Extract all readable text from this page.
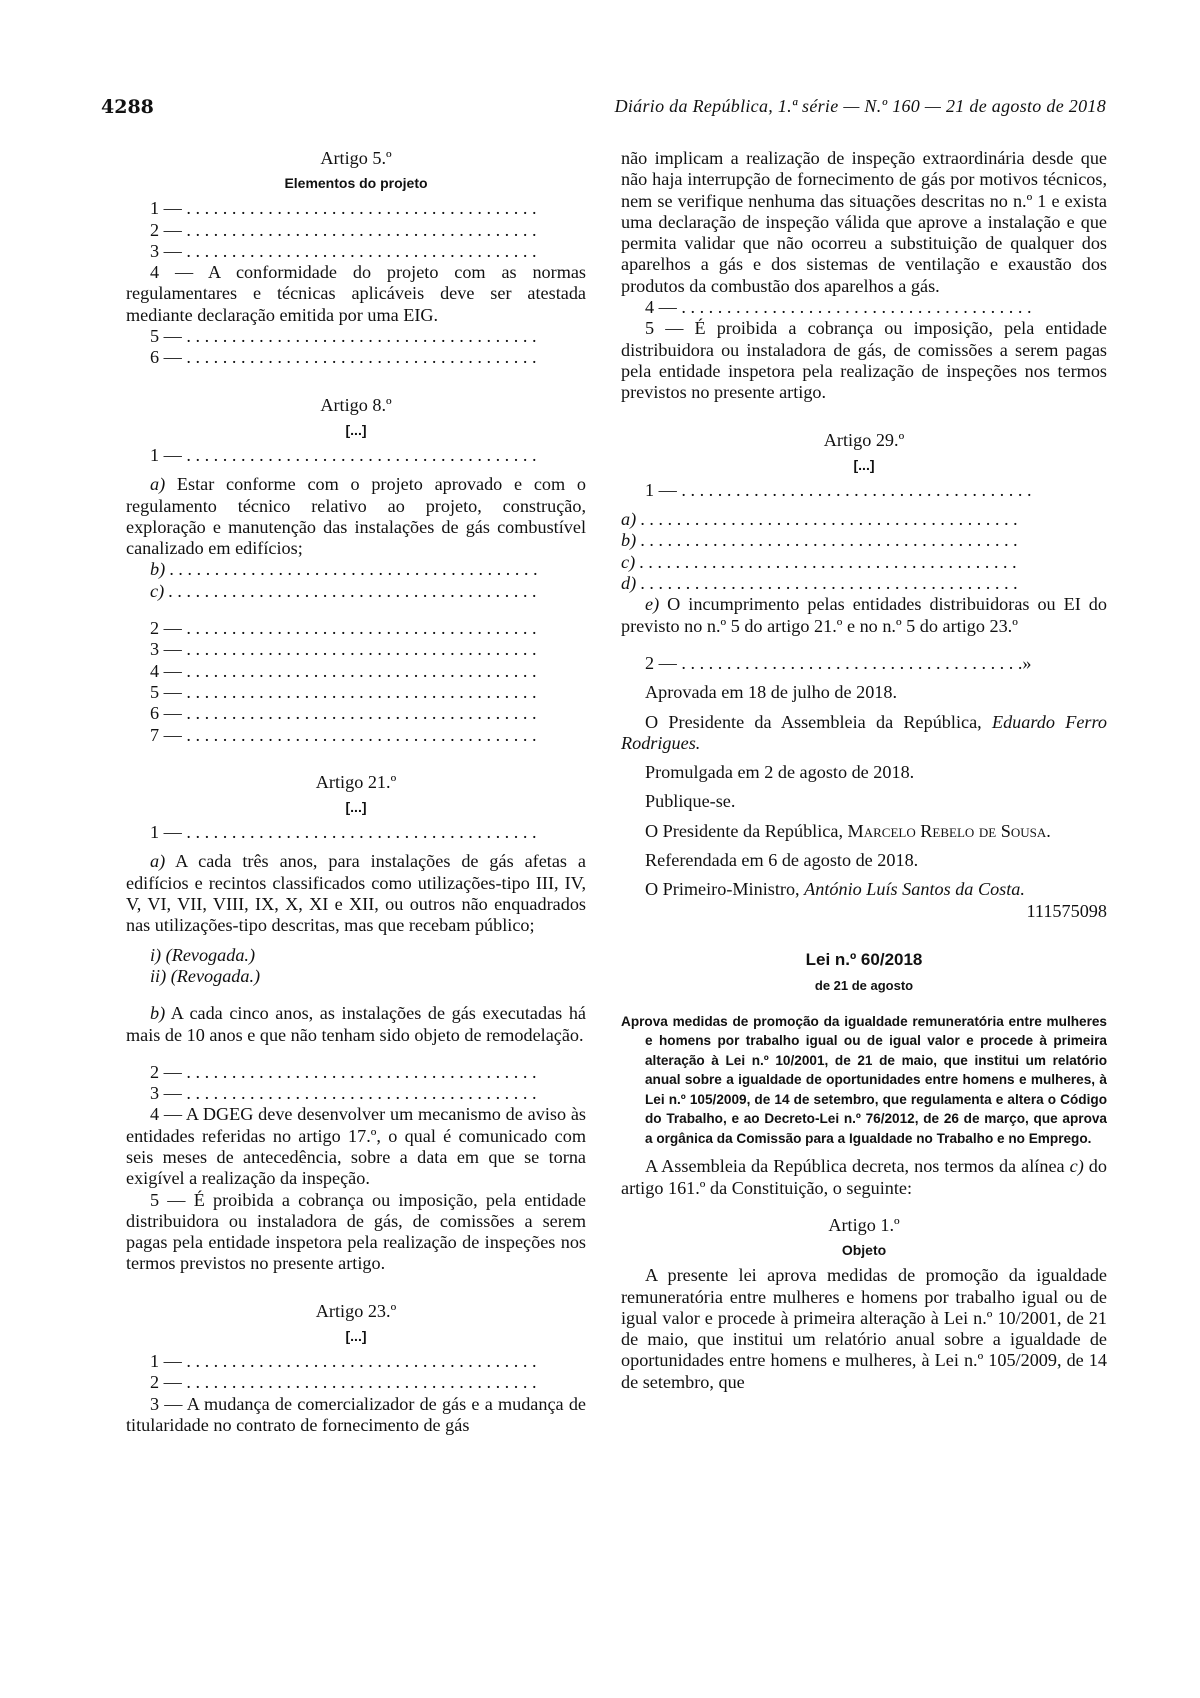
4288	Diário da República, 1.ª série — N.º 160 — 21 de agosto de 2018

Artigo 5.º

Elementos do projeto

1 — . . . . . . . . . . . . . . . . . . . . . . . . . . . . . . . . . . . . . . .

2 — . . . . . . . . . . . . . . . . . . . . . . . . . . . . . . . . . . . . . . .

3 — . . . . . . . . . . . . . . . . . . . . . . . . . . . . . . . . . . . . . . .

4 — A conformidade do projeto com as normas regulamentares e técnicas aplicáveis deve ser atestada mediante declaração emitida por uma EIG.

5 — . . . . . . . . . . . . . . . . . . . . . . . . . . . . . . . . . . . . . . .

6 — . . . . . . . . . . . . . . . . . . . . . . . . . . . . . . . . . . . . . . .

Artigo 8.º

[...]

1 — . . . . . . . . . . . . . . . . . . . . . . . . . . . . . . . . . . . . . . .

a) Estar conforme com o projeto aprovado e com o regulamento técnico relativo ao projeto, construção, exploração e manutenção das instalações de gás combustível canalizado em edifícios;

b) . . . . . . . . . . . . . . . . . . . . . . . . . . . . . . . . . . . . . . . . .

c) . . . . . . . . . . . . . . . . . . . . . . . . . . . . . . . . . . . . . . . . .

2 — . . . . . . . . . . . . . . . . . . . . . . . . . . . . . . . . . . . . . . .

3 — . . . . . . . . . . . . . . . . . . . . . . . . . . . . . . . . . . . . . . .

4 — . . . . . . . . . . . . . . . . . . . . . . . . . . . . . . . . . . . . . . .

5 — . . . . . . . . . . . . . . . . . . . . . . . . . . . . . . . . . . . . . . .

6 — . . . . . . . . . . . . . . . . . . . . . . . . . . . . . . . . . . . . . . .

7 — . . . . . . . . . . . . . . . . . . . . . . . . . . . . . . . . . . . . . . .

Artigo 21.º

[...]

1 — . . . . . . . . . . . . . . . . . . . . . . . . . . . . . . . . . . . . . . .

a) A cada três anos, para instalações de gás afetas a edifícios e recintos classificados como utilizações-tipo III, IV, V, VI, VII, VIII, IX, X, XI e XII, ou outros não enquadrados nas utilizações-tipo descritas, mas que recebam público;

i) (Revogada.)

ii) (Revogada.)

b) A cada cinco anos, as instalações de gás executadas há mais de 10 anos e que não tenham sido objeto de remodelação.

2 — . . . . . . . . . . . . . . . . . . . . . . . . . . . . . . . . . . . . . . .

3 — . . . . . . . . . . . . . . . . . . . . . . . . . . . . . . . . . . . . . . .

4 — A DGEG deve desenvolver um mecanismo de aviso às entidades referidas no artigo 17.º, o qual é comunicado com seis meses de antecedência, sobre a data em que se torna exigível a realização da inspeção.

5 — É proibida a cobrança ou imposição, pela entidade distribuidora ou instaladora de gás, de comissões a serem pagas pela entidade inspetora pela realização de inspeções nos termos previstos no presente artigo.

Artigo 23.º

[...]

1 — . . . . . . . . . . . . . . . . . . . . . . . . . . . . . . . . . . . . . . .

2 — . . . . . . . . . . . . . . . . . . . . . . . . . . . . . . . . . . . . . . .

3 — A mudança de comercializador de gás e a mudança de titularidade no contrato de fornecimento de gás

não implicam a realização de inspeção extraordinária desde que não haja interrupção de fornecimento de gás por motivos técnicos, nem se verifique nenhuma das situações descritas no n.º 1 e exista uma declaração de inspeção válida que aprove a instalação e que permita validar que não ocorreu a substituição de qualquer dos aparelhos a gás e dos sistemas de ventilação e exaustão dos produtos da combustão dos aparelhos a gás.

4 — . . . . . . . . . . . . . . . . . . . . . . . . . . . . . . . . . . . . . . .

5 — É proibida a cobrança ou imposição, pela entidade distribuidora ou instaladora de gás, de comissões a serem pagas pela entidade inspetora pela realização de inspeções nos termos previstos no presente artigo.

Artigo 29.º

[...]

1 — . . . . . . . . . . . . . . . . . . . . . . . . . . . . . . . . . . . . . . .

a) . . . . . . . . . . . . . . . . . . . . . . . . . . . . . . . . . . . . . . . . . .

b) . . . . . . . . . . . . . . . . . . . . . . . . . . . . . . . . . . . . . . . . . .

c) . . . . . . . . . . . . . . . . . . . . . . . . . . . . . . . . . . . . . . . . . .

d) . . . . . . . . . . . . . . . . . . . . . . . . . . . . . . . . . . . . . . . . . .

e) O incumprimento pelas entidades distribuidoras ou EI do previsto no n.º 5 do artigo 21.º e no n.º 5 do artigo 23.º

2 — . . . . . . . . . . . . . . . . . . . . . . . . . . . . . . . . . . . . . .»

Aprovada em 18 de julho de 2018.

O Presidente da Assembleia da República, Eduardo Ferro Rodrigues.

Promulgada em 2 de agosto de 2018.

Publique-se.

O Presidente da República, Marcelo Rebelo de Sousa.

Referendada em 6 de agosto de 2018.

O Primeiro-Ministro, António Luís Santos da Costa.

111575098

Lei n.º 60/2018

de 21 de agosto

Aprova medidas de promoção da igualdade remuneratória entre mulheres e homens por trabalho igual ou de igual valor e procede à primeira alteração à Lei n.º 10/2001, de 21 de maio, que institui um relatório anual sobre a igualdade de oportunidades entre homens e mulheres, à Lei n.º 105/2009, de 14 de setembro, que regulamenta e altera o Código do Trabalho, e ao Decreto-Lei n.º 76/2012, de 26 de março, que aprova a orgânica da Comissão para a Igualdade no Trabalho e no Emprego.

A Assembleia da República decreta, nos termos da alínea c) do artigo 161.º da Constituição, o seguinte:

Artigo 1.º

Objeto

A presente lei aprova medidas de promoção da igualdade remuneratória entre mulheres e homens por trabalho igual ou de igual valor e procede à primeira alteração à Lei n.º 10/2001, de 21 de maio, que institui um relatório anual sobre a igualdade de oportunidades entre homens e mulheres, à Lei n.º 105/2009, de 14 de setembro, que
